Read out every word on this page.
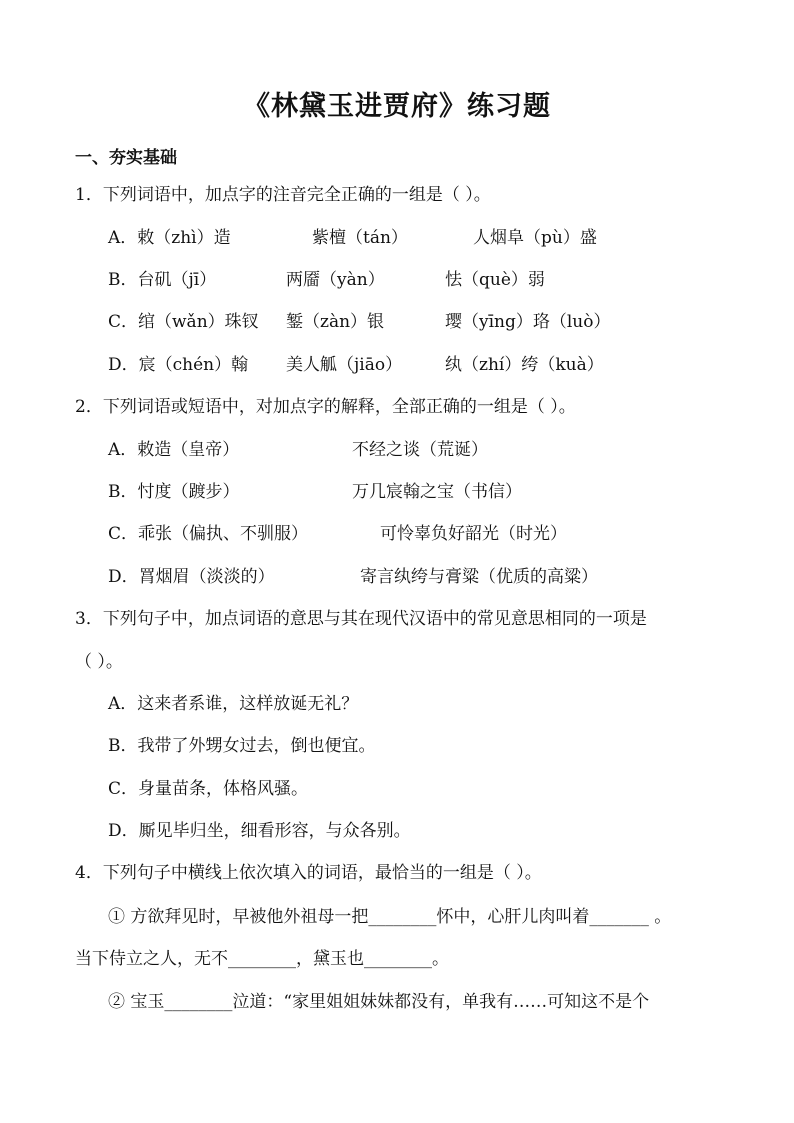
《林黛玉进贾府》练习题
一、夯实基础
1．下列词语中，加点字的注音完全正确的一组是（ ）。
A．敕（zhì）造	紫檀（tán）	人烟阜（pù）盛
B．台矶（jī）	两靥（yàn）	怯（què）弱
C．绾（wǎn）珠钗 錾（zàn）银	璎（yīng）珞（luò）
D．宸（chén）翰 美人觚（jiāo）	纨（zhí）绔（kuà）
2．下列词语或短语中，对加点字的解释，全部正确的一组是（ ）。
A．敕造（皇帝）	不经之谈（荒诞）
B．忖度（踱步）	万几宸翰之宝（书信）
C．乖张（偏执、不驯服）	可怜辜负好韶光（时光）
D．罥烟眉（淡淡的）	寄言纨绔与膏粱（优质的高粱）
3．下列句子中，加点词语的意思与其在现代汉语中的常见意思相同的一项是
（ ）。
A．这来者系谁，这样放诞无礼？
B．我带了外甥女过去，倒也便宜。
C．身量苗条，体格风骚。
D．厮见毕归坐，细看形容，与众各别。
4．下列句子中横线上依次填入的词语，最恰当的一组是（ ）。
① 方欲拜见时，早被他外祖母一把________怀中，心肝儿肉叫着_______ 。
当下侍立之人，无不________，黛玉也________。
② 宝玉________泣道：“家里姐姐妹妹都没有，单我有……可知这不是个
